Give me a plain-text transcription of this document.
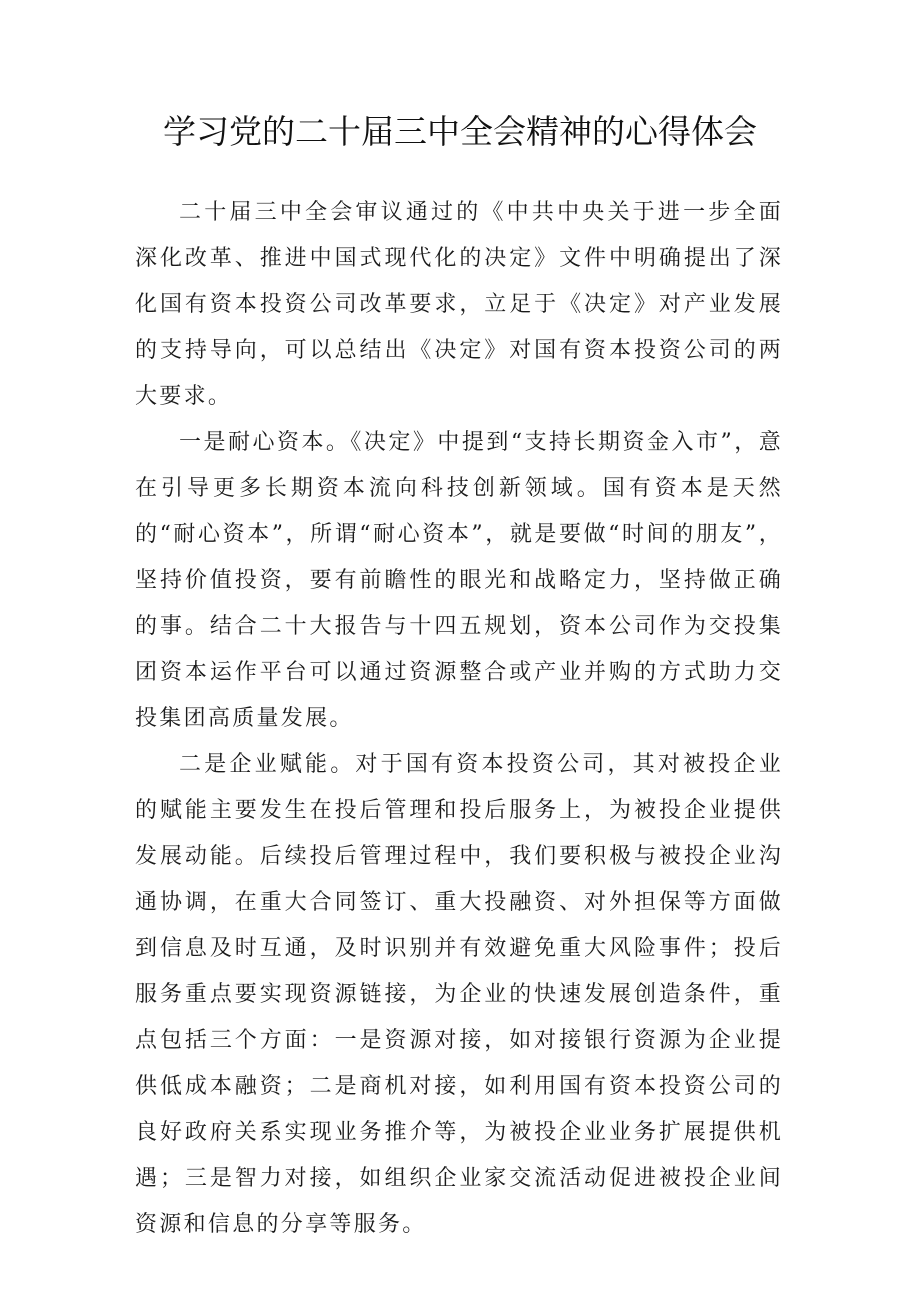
学习党的二十届三中全会精神的心得体会

二十届三中全会审议通过的《中共中央关于进一步全面深化改革、推进中国式现代化的决定》文件中明确提出了深化国有资本投资公司改革要求，立足于《决定》对产业发展的支持导向，可以总结出《决定》对国有资本投资公司的两大要求。

一是耐心资本。《决定》中提到“支持长期资金入市”，意在引导更多长期资本流向科技创新领域。国有资本是天然的“耐心资本”，所谓“耐心资本”，就是要做“时间的朋友”，坚持价值投资，要有前瞻性的眼光和战略定力，坚持做正确的事。结合二十大报告与十四五规划，资本公司作为交投集团资本运作平台可以通过资源整合或产业并购的方式助力交投集团高质量发展。

二是企业赋能。对于国有资本投资公司，其对被投企业的赋能主要发生在投后管理和投后服务上，为被投企业提供发展动能。后续投后管理过程中，我们要积极与被投企业沟通协调，在重大合同签订、重大投融资、对外担保等方面做到信息及时互通，及时识别并有效避免重大风险事件；投后服务重点要实现资源链接，为企业的快速发展创造条件，重点包括三个方面：一是资源对接，如对接银行资源为企业提供低成本融资；二是商机对接，如利用国有资本投资公司的良好政府关系实现业务推介等，为被投企业业务扩展提供机遇；三是智力对接，如组织企业家交流活动促进被投企业间资源和信息的分享等服务。
